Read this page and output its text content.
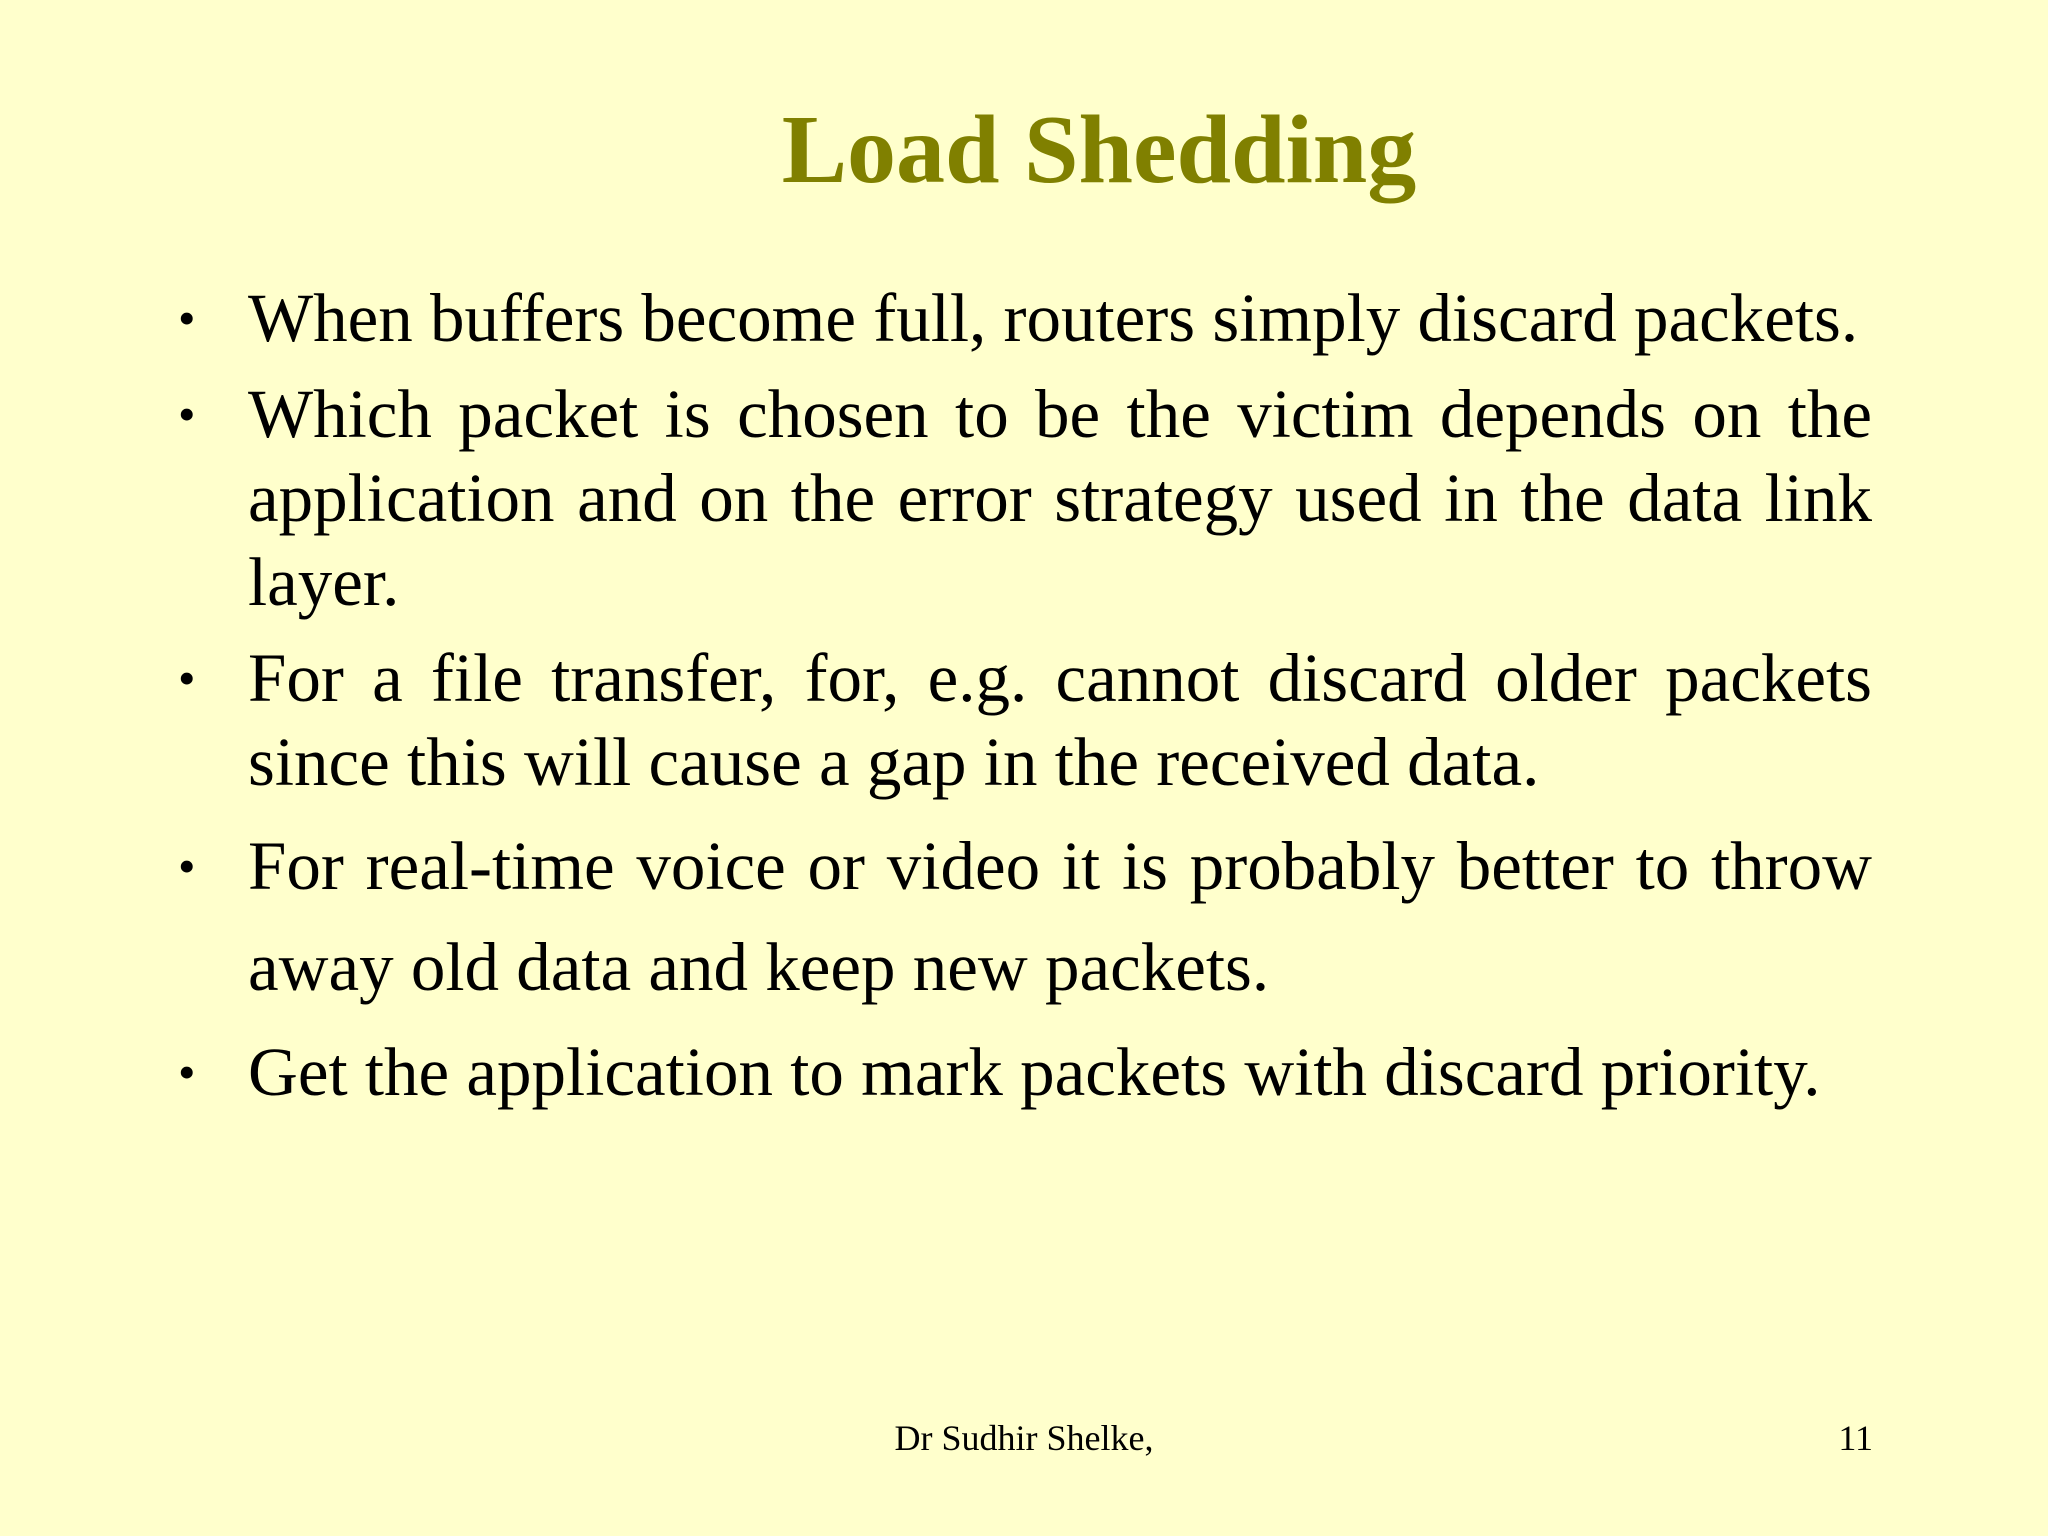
Load Shedding
• When buffers become full, routers simply discard packets.
• Which packet is chosen to be the victim depends on the application and on the error strategy used in the data link layer.
• For a file transfer, for, e.g. cannot discard older packets since this will cause a gap in the received data.
• For real-time voice or video it is probably better to throw away old data and keep new packets.
• Get the application to mark packets with discard priority.
Dr Sudhir Shelke,	11
